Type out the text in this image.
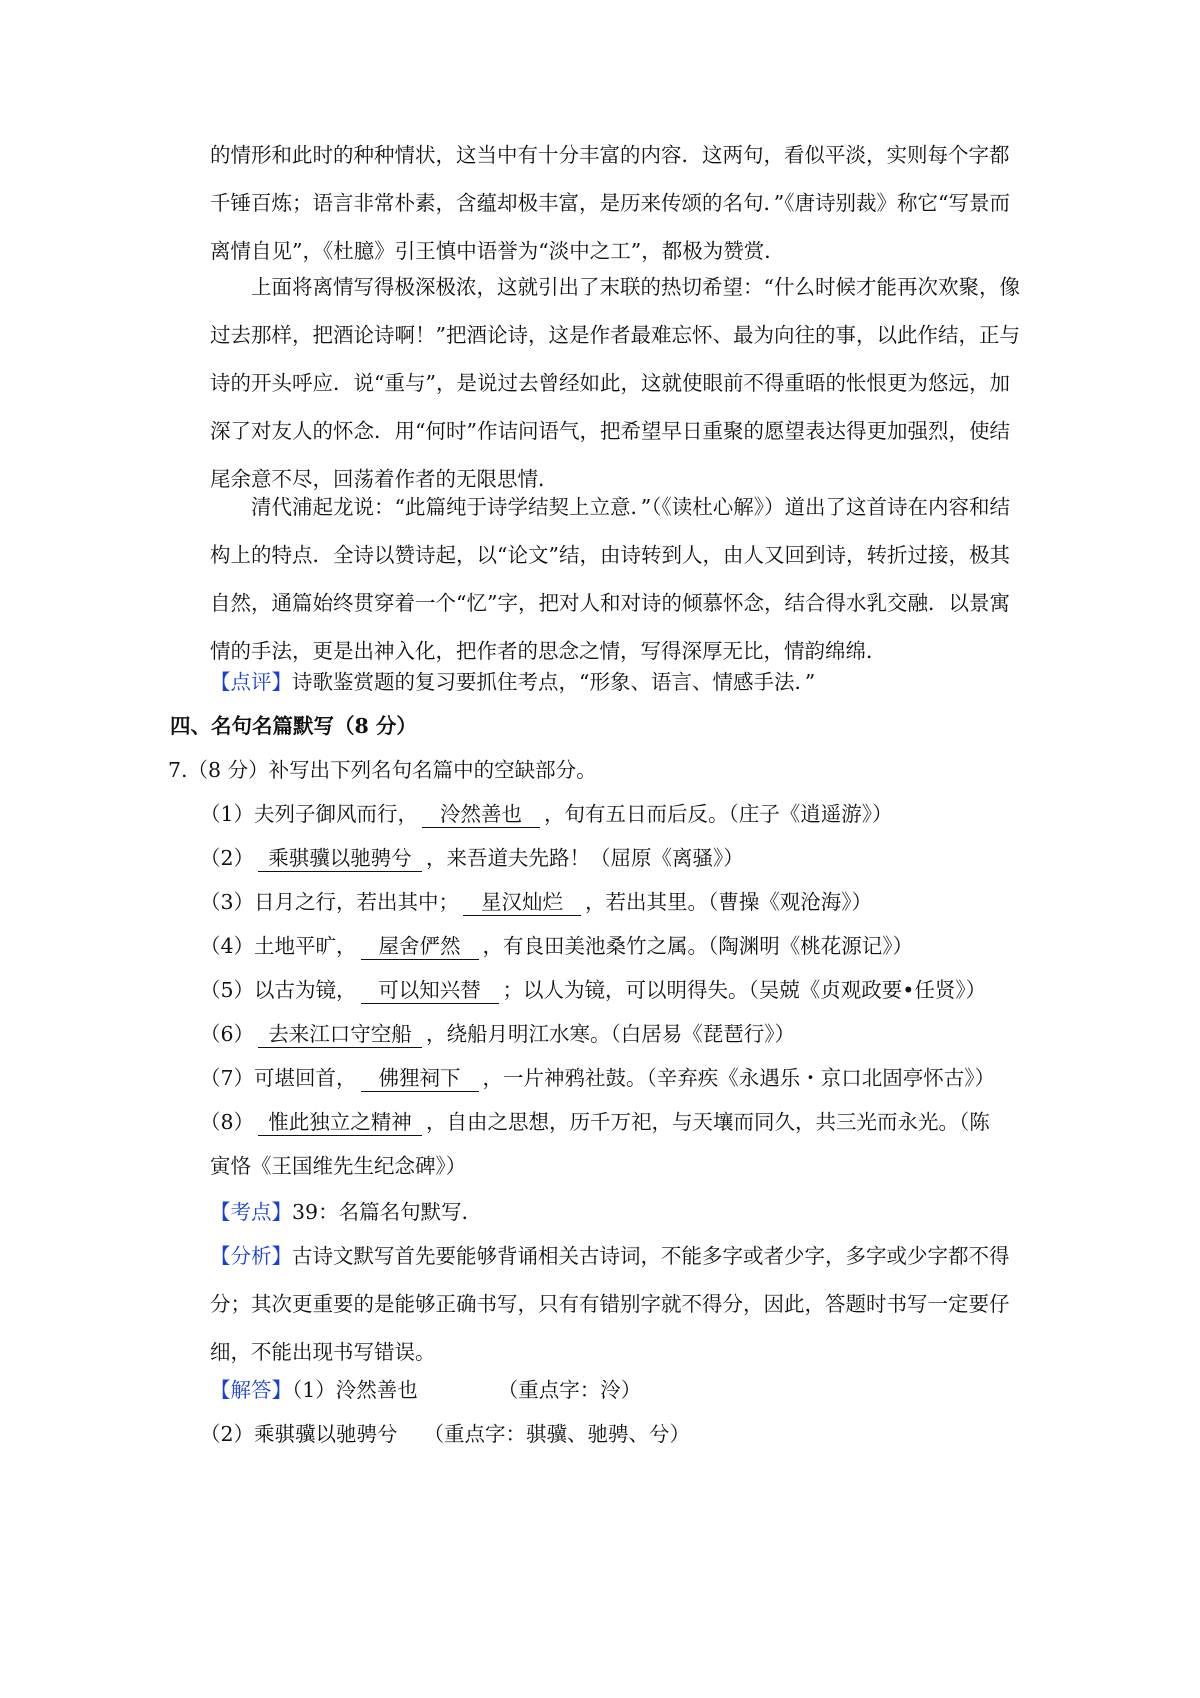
的情形和此时的种种情状，这当中有十分丰富的内容．这两句，看似平淡，实则每个字都千锤百炼；语言非常朴素，含蕴却极丰富，是历来传颂的名句．”《唐诗别裁》称它“写景而离情自见”，《杜臆》引王慎中语誉为“淡中之工”，都极为赞赏．

上面将离情写得极深极浓，这就引出了末联的热切希望：“什么时候才能再次欢聚，像过去那样，把酒论诗啊！”把酒论诗，这是作者最难忘怀、最为向往的事，以此作结，正与诗的开头呼应．说“重与”，是说过去曾经如此，这就使眼前不得重晤的怅恨更为悠远，加深了对友人的怀念．用“何时”作诘问语气，把希望早日重聚的愿望表达得更加强烈，使结尾余意不尽，回荡着作者的无限思情．

清代浦起龙说：“此篇纯于诗学结契上立意．”（《读杜心解》）道出了这首诗在内容和结构上的特点．全诗以赞诗起，以“论文”结，由诗转到人，由人又回到诗，转折过接，极其自然，通篇始终贯穿着一个“忆”字，把对人和对诗的倾慕怀念，结合得水乳交融．以景寓情的手法，更是出神入化，把作者的思念之情，写得深厚无比，情韵绵绵．

【点评】诗歌鉴赏题的复习要抓住考点，“形象、语言、情感手法．”

四、名句名篇默写（8 分）

7.（8 分）补写出下列名句名篇中的空缺部分。

（1）夫列子御风而行， 泠然善也 ，旬有五日而后反。（庄子《逍遥游》）

（2） 乘骐骥以驰骋兮 ，来吾道夫先路！（屈原《离骚》）

（3）日月之行，若出其中； 星汉灿烂 ，若出其里。（曹操《观沧海》）

（4）土地平旷， 屋舍俨然 ，有良田美池桑竹之属。（陶渊明《桃花源记》）

（5）以古为镜， 可以知兴替 ；以人为镜，可以明得失。（吴兢《贞观政要•任贤》）

（6） 去来江口守空船 ，绕船月明江水寒。（白居易《琵琶行》）

（7）可堪回首， 佛狸祠下 ，一片神鸦社鼓。（辛弃疾《永遇乐・京口北固亭怀古》）

（8） 惟此独立之精神 ，自由之思想，历千万祀，与天壤而同久，共三光而永光。（陈

寅恪《王国维先生纪念碑》）

【考点】39：名篇名句默写．

【分析】古诗文默写首先要能够背诵相关古诗词，不能多字或者少字，多字或少字都不得分；其次更重要的是能够正确书写，只有有错别字就不得分，因此，答题时书写一定要仔细，不能出现书写错误。

【解答】（1）泠然善也	（重点字：泠）

（2）乘骐骥以驰骋兮 （重点字：骐骥、驰骋、兮）
